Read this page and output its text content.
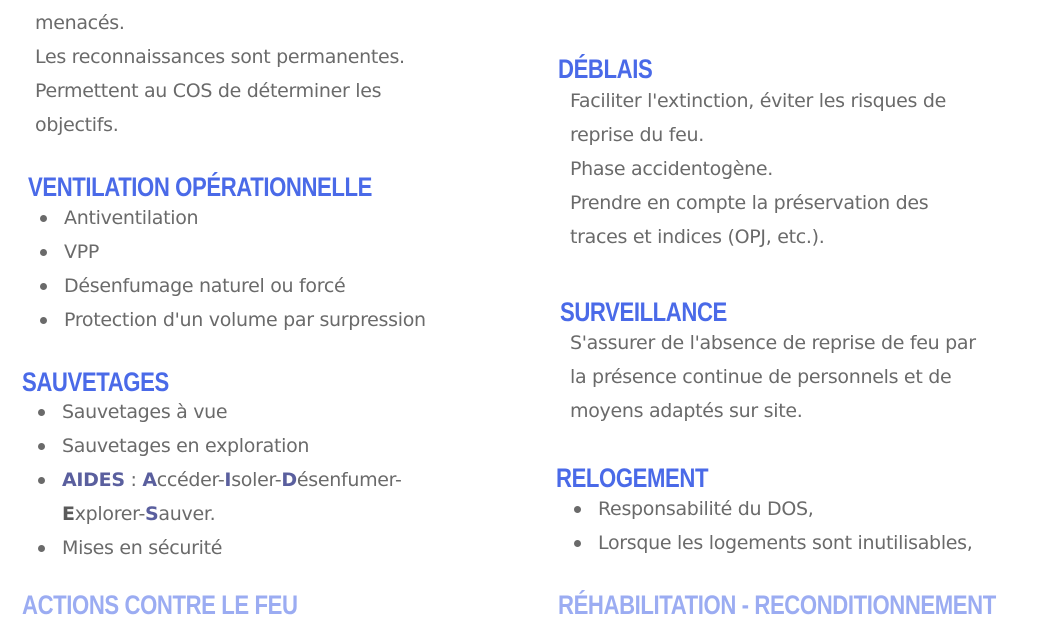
menacés.
Les reconnaissances sont permanentes.
Permettent au COS de déterminer les
objectifs.
VENTILATION OPÉRATIONNELLE
Antiventilation
VPP
Désenfumage naturel ou forcé
Protection d'un volume par surpression
SAUVETAGES
Sauvetages à vue
Sauvetages en exploration
AIDES : Accéder-Isoler-Désenfumer-
Explorer-Sauver.
Mises en sécurité
ACTIONS CONTRE LE FEU
DÉBLAIS
Faciliter l'extinction, éviter les risques de
reprise du feu.
Phase accidentogène.
Prendre en compte la préservation des
traces et indices (OPJ, etc.).
SURVEILLANCE
S'assurer de l'absence de reprise de feu par
la présence continue de personnels et de
moyens adaptés sur site.
RELOGEMENT
Responsabilité du DOS,
Lorsque les logements sont inutilisables,
RÉHABILITATION - RECONDITIONNEMENT
